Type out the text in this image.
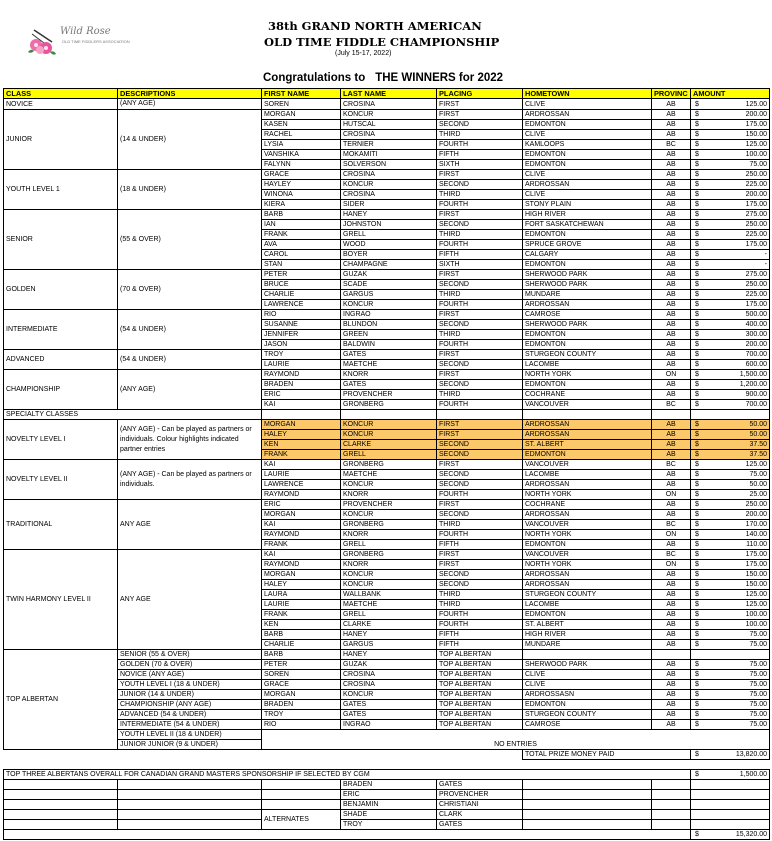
Wild Rose
OLD TIME FIDDLERS ASSOCIATION
38th GRAND NORTH AMERICAN
OLD TIME FIDDLE CHAMPIONSHIP
(July 15-17, 2022)
Congratulations to THE WINNERS for 2022
CLASS	DESCRIPTIONS	FIRST NAME	LAST NAME	PLACING	HOMETOWN	PROVINC	AMOUNT
NOVICE	(ANY AGE)	SOREN	CROSINA	FIRST	CLIVE	AB	$ 125.00

JUNIOR	(14 & UNDER)	MORGAN	KONCUR	FIRST	ARDROSSAN	AB	$ 200.00

		KASEN	HUTSCAL	SECOND	EDMONTON	AB	$ 175.00

		RACHEL	CROSINA	THIRD	CLIVE	AB	$ 150.00

		LYSIA	TERNIER	FOURTH	KAMLOOPS	BC	$ 125.00

		VANSHIKA	MOKAMITI	FIFTH	EDMONTON	AB	$ 100.00

		FALYNN	SOLVERSON	SIXTH	EDMONTON	AB	$ 75.00

YOUTH LEVEL 1	(18 & UNDER)	GRACE	CROSINA	FIRST	CLIVE	AB	$ 250.00

		HAYLEY	KONCUR	SECOND	ARDROSSAN	AB	$ 225.00

		WINONA	CROSINA	THIRD	CLIVE	AB	$ 200.00

		KIERA	SIDER	FOURTH	STONY PLAIN	AB	$ 175.00

SENIOR	(55 & OVER)	BARB	HANEY	FIRST	HIGH RIVER	AB	$ 275.00

		IAN	JOHNSTON	SECOND	FORT SASKATCHEWAN	AB	$ 250.00

		FRANK	GRELL	THIRD	EDMONTON	AB	$ 225.00

		AVA	WOOD	FOURTH	SPRUCE GROVE	AB	$ 175.00

		CAROL	BOYER	FIFTH	CALGARY	AB	$ -

		STAN	CHAMPAGNE	SIXTH	EDMONTON	AB	$ -

GOLDEN	(70 & OVER)	PETER	GUZAK	FIRST	SHERWOOD PARK	AB	$ 275.00

		BRUCE	SCADE	SECOND	SHERWOOD PARK	AB	$ 250.00

		CHARLIE	GARGUS	THIRD	MUNDARE	AB	$ 225.00

		LAWRENCE	KONCUR	FOURTH	ARDROSSAN	AB	$ 175.00

INTERMEDIATE	(54 & UNDER)	RIO	INGRAO	FIRST	CAMROSE	AB	$ 500.00

		SUSANNE	BLUNDON	SECOND	SHERWOOD PARK	AB	$ 400.00

		JENNIFER	GREEN	THIRD	EDMONTON	AB	$ 300.00

		JASON	BALDWIN	FOURTH	EDMONTON	AB	$ 200.00

ADVANCED	(54 & UNDER)	TROY	GATES	FIRST	STURGEON COUNTY	AB	$ 700.00

		LAURIE	MAETCHE	SECOND	LACOMBE	AB	$ 600.00

CHAMPIONSHIP	(ANY AGE)	RAYMOND	KNORR	FIRST	NORTH YORK	ON	$ 1,500.00

		BRADEN	GATES	SECOND	EDMONTON	AB	$ 1,200.00

		ERIC	PROVENCHER	THIRD	COCHRANE	AB	$ 900.00

		KAI	GRONBERG	FOURTH	VANCOUVER	BC	$ 700.00

SPECIALTY CLASSES							
NOVELTY LEVEL I	(ANY AGE) - Can be played as partners or individuals. Colour highlights indicated partner entries	MORGAN	KONCUR	FIRST	ARDROSSAN	AB	$ 50.00

		HALEY	KONCUR	FIRST	ARDROSSAN	AB	$ 50.00

		KEN	CLARKE	SECOND	ST. ALBERT	AB	$ 37.50

		FRANK	GRELL	SECOND	EDMONTON	AB	$ 37.50

NOVELTY LEVEL II	(ANY AGE) - Can be played as partners or individuals.	KAI	GRONBERG	FIRST	VANCOUVER	BC	$ 125.00

		LAURIE	MAETCHE	SECOND	LACOMBE	AB	$ 75.00

		LAWRENCE	KONCUR	SECOND	ARDROSSAN	AB	$ 50.00

		RAYMOND	KNORR	FOURTH	NORTH YORK	ON	$ 25.00

TRADITIONAL	ANY AGE	ERIC	PROVENCHER	FIRST	COCHRANE	AB	$ 250.00

		MORGAN	KONCUR	SECOND	ARDROSSAN	AB	$ 200.00

		KAI	GRONBERG	THIRD	VANCOUVER	BC	$ 170.00

		RAYMOND	KNORR	FOURTH	NORTH YORK	ON	$ 140.00

		FRANK	GRELL	FIFTH	EDMONTON	AB	$ 110.00

TWIN HARMONY LEVEL II	ANY AGE	KAI	GRONBERG	FIRST	VANCOUVER	BC	$ 175.00

		RAYMOND	KNORR	FIRST	NORTH YORK	ON	$ 175.00

		MORGAN	KONCUR	SECOND	ARDROSSAN	AB	$ 150.00

		HALEY	KONCUR	SECOND	ARDROSSAN	AB	$ 150.00

		LAURA	WALLBANK	THIRD	STURGEON COUNTY	AB	$ 125.00

		LAURIE	MAETCHE	THIRD	LACOMBE	AB	$ 125.00

		FRANK	GRELL	FOURTH	EDMONTON	AB	$ 100.00

		KEN	CLARKE	FOURTH	ST. ALBERT	AB	$ 100.00

		BARB	HANEY	FIFTH	HIGH RIVER	AB	$ 75.00

		CHARLIE	GARGUS	FIFTH	MUNDARE	AB	$ 75.00

TOP ALBERTAN	SENIOR (55 & OVER)	BARB	HANEY	TOP ALBERTAN			
	GOLDEN (70 & OVER)	PETER	GUZAK	TOP ALBERTAN	SHERWOOD PARK	AB	$ 75.00

	NOVICE (ANY AGE)	SOREN	CROSINA	TOP ALBERTAN	CLIVE	AB	$ 75.00

	YOUTH LEVEL I (18 & UNDER)	GRACE	CROSINA	TOP ALBERTAN	CLIVE	AB	$ 75.00

	JUNIOR (14 & UNDER)	MORGAN	KONCUR	TOP ALBERTAN	ARDROSSASN	AB	$ 75.00

	CHAMPIONSHIP (ANY AGE)	BRADEN	GATES	TOP ALBERTAN	EDMONTON	AB	$ 75.00

	ADVANCED (54 & UNDER)	TROY	GATES	TOP ALBERTAN	STURGEON COUNTY	AB	$ 75.00

	INTERMEDIATE (54 & UNDER)	RIO	INGRAO	TOP ALBERTAN	CAMROSE	AB	$ 75.00

	YOUTH LEVEL II (18 & UNDER)	NO ENTRIES					
	JUNIOR JUNIOR (9 & UNDER)						
					TOTAL PRIZE MONEY PAID		$ 13,820.00

TOP THREE ALBERTANS OVERALL FOR CANADIAN GRAND MASTERS SPONSORSHIP IF SELECTED BY CGM							$ 1,500.00

			BRADEN	GATES			
			ERIC	PROVENCHER			
			BENJAMIN	CHRISTIANI			
		ALTERNATES	SHADE	CLARK			
			TROY	GATES			

							$ 15,320.00
